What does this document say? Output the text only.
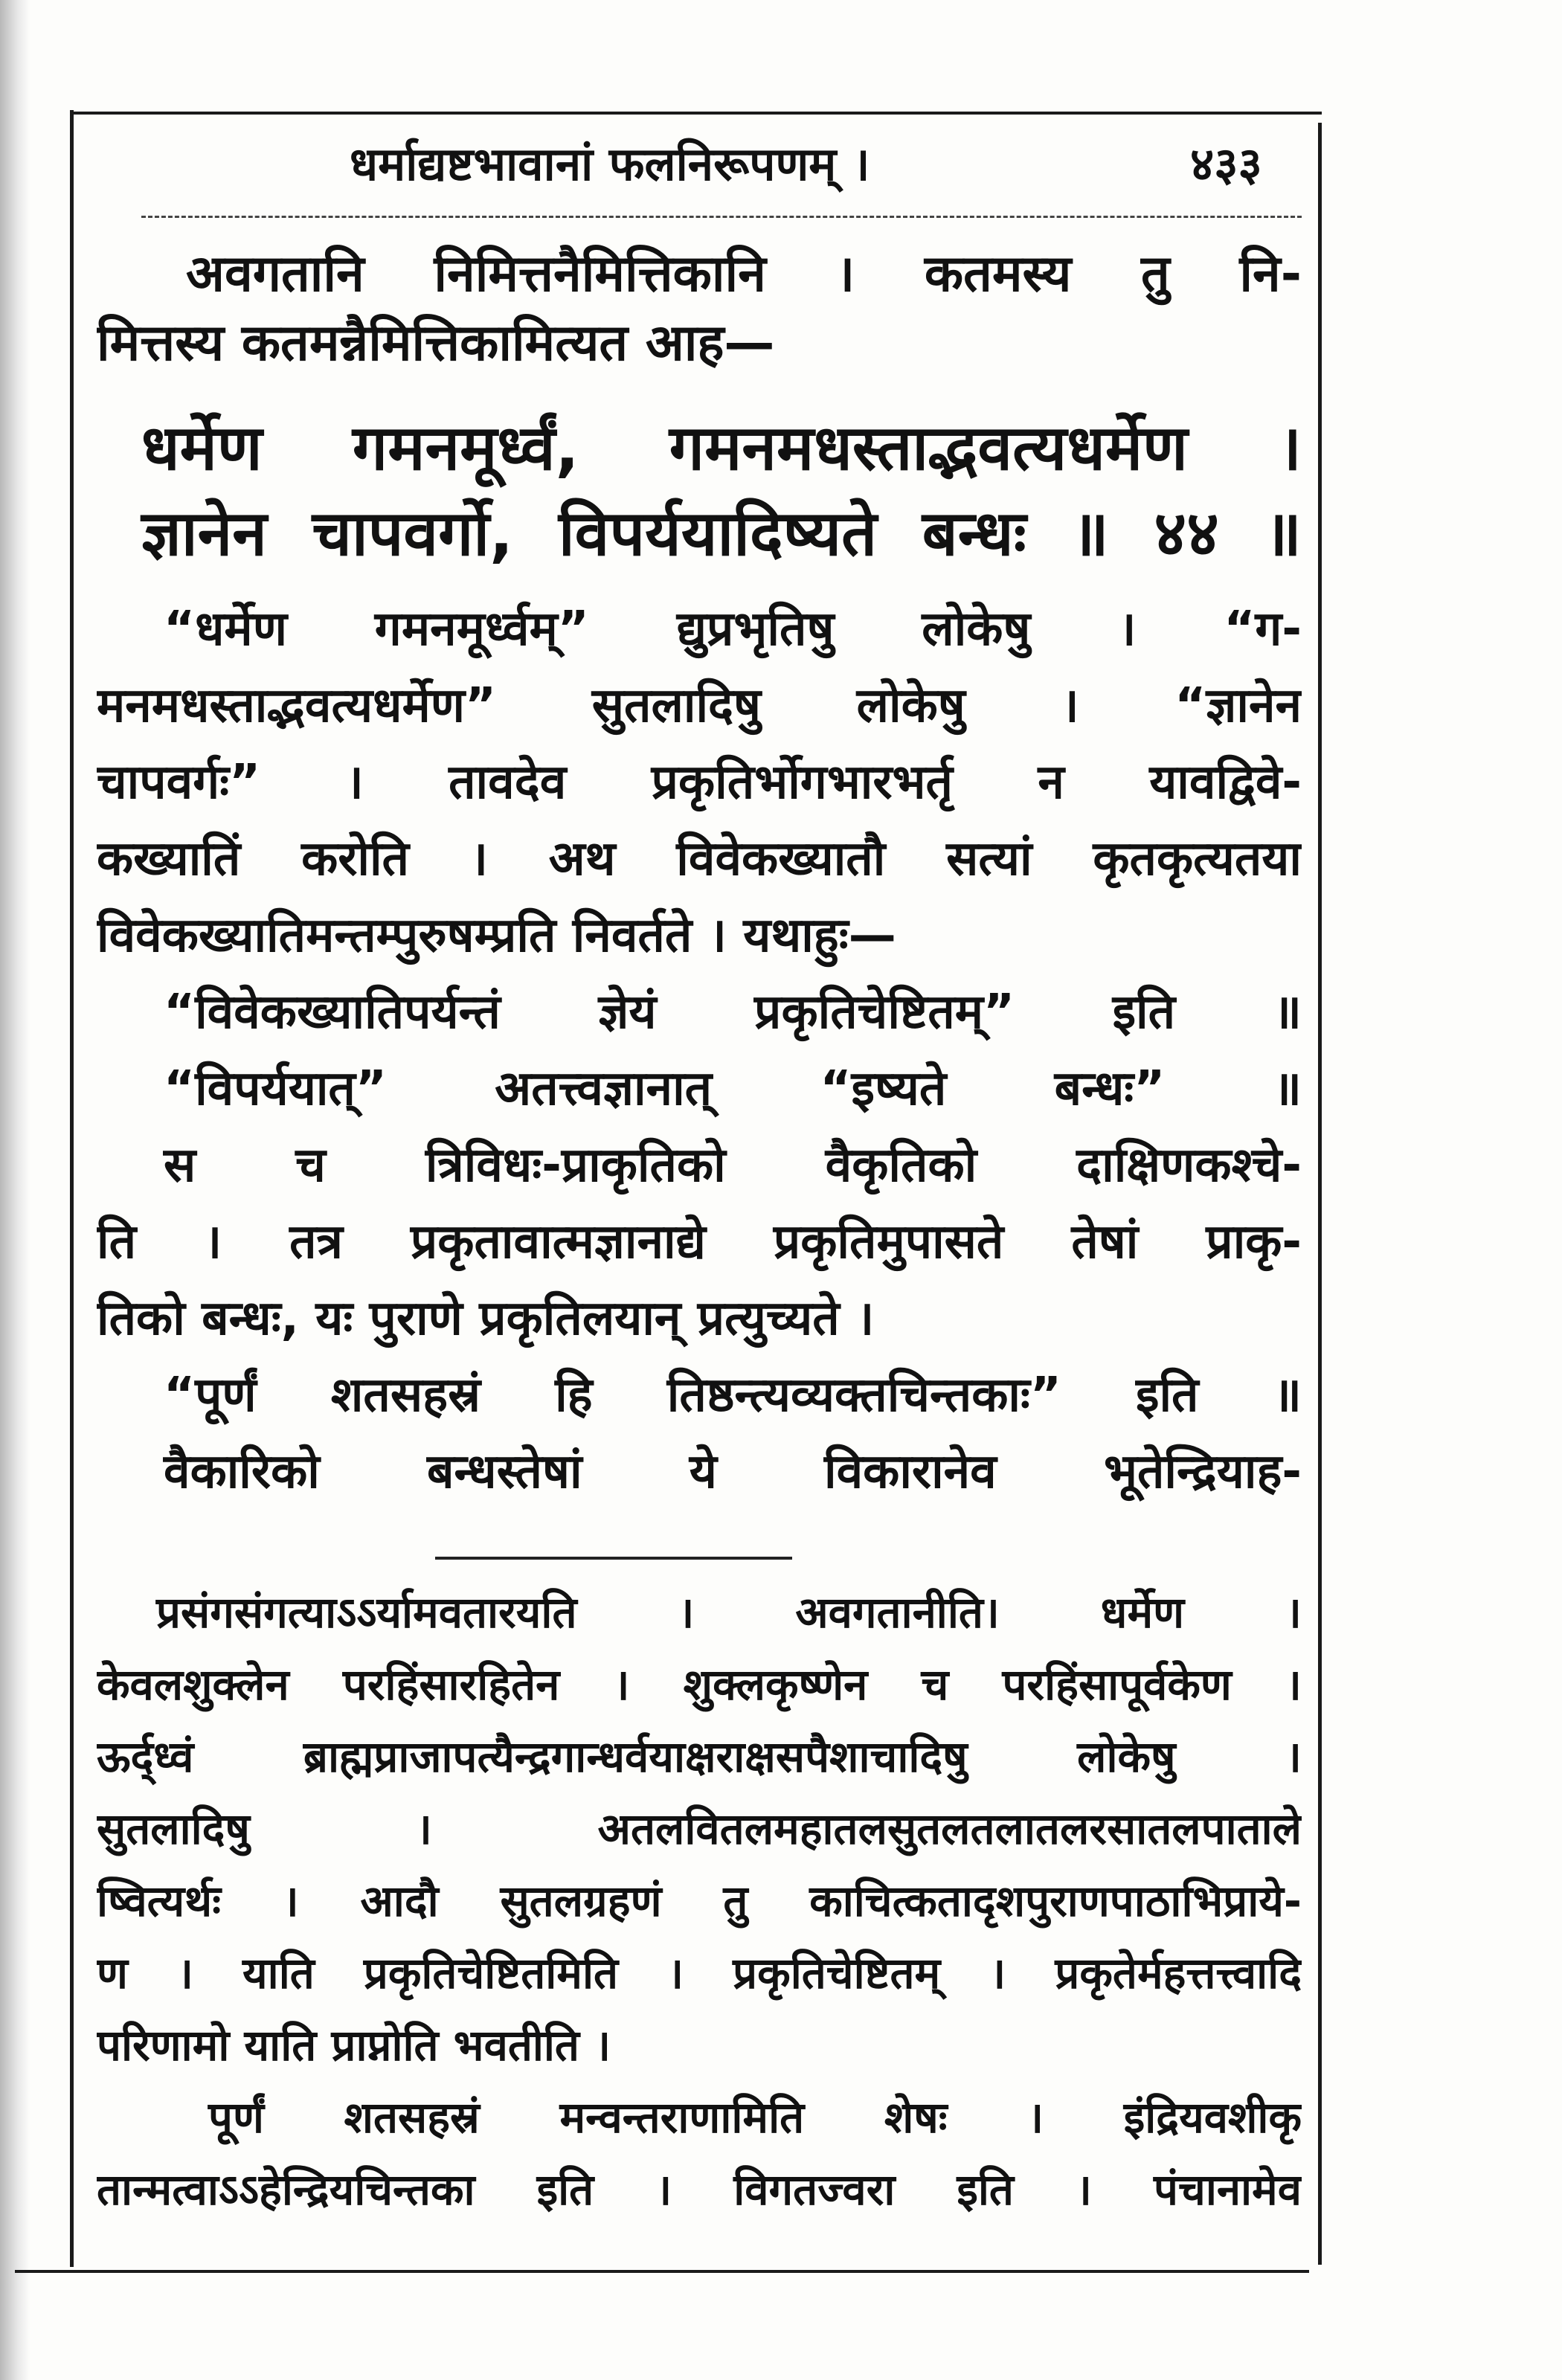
धर्माद्यष्टभावानां फलनिरूपणम् ।	४३३
अवगतानि निमित्तनैमित्तिकानि । कतमस्य तु नि-
मित्तस्य कतमन्नैमित्तिकामित्यत आह—
धर्मेण गमनमूर्ध्वं, गमनमधस्ताद्भवत्यधर्मेण ।
ज्ञानेन चापवर्गो, विपर्ययादिष्यते बन्धः ॥ ४४ ॥
“धर्मेण गमनमूर्ध्वम्” द्युप्रभृतिषु लोकेषु । “ग-
मनमधस्ताद्भवत्यधर्मेण” सुतलादिषु लोकेषु । “ज्ञानेन
चापवर्गः” । तावदेव प्रकृतिर्भोगभारभर्तृ न यावद्विवे-
कख्यातिं करोति । अथ विवेकख्यातौ सत्यां कृतकृत्यतया
विवेकख्यातिमन्तम्पुरुषम्प्रति निवर्तते । यथाहुः—
“विवेकख्यातिपर्यन्तं ज्ञेयं प्रकृतिचेष्टितम्” इति ॥
“विपर्ययात्” अतत्त्वज्ञानात् “इष्यते बन्धः” ॥
स च त्रिविधः-प्राकृतिको वैकृतिको दाक्षिणकश्चे-
ति । तत्र प्रकृतावात्मज्ञानाद्ये प्रकृतिमुपासते तेषां प्राकृ-
तिको बन्धः, यः पुराणे प्रकृतिलयान् प्रत्युच्यते ।
“पूर्णं शतसहस्रं हि तिष्ठन्त्यव्यक्तचिन्तकाः” इति ॥
वैकारिको बन्धस्तेषां ये विकारानेव भूतेन्द्रियाह-
प्रसंगसंगत्याऽऽर्यामवतारयति । अवगतानीति। धर्मेण ।
केवलशुक्लेन परहिंसारहितेन । शुक्लकृष्णेन च परहिंसापूर्वकेण ।
ऊर्द्ध्वं ब्राह्मप्राजापत्यैन्द्रगान्धर्वयाक्षराक्षसपैशाचादिषु लोकेषु ।
सुतलादिषु । अतलवितलमहातलसुतलतलातलरसातलपाताले
ष्वित्यर्थः । आदौ सुतलग्रहणं तु काचित्कतादृशपुराणपाठाभिप्राये-
ण । याति प्रकृतिचेष्टितमिति । प्रकृतिचेष्टितम् । प्रकृतेर्महत्तत्त्वादि
परिणामो याति प्राप्नोति भवतीति ।
पूर्णं शतसहस्रं मन्वन्तराणामिति शेषः । इंद्रियवशीकृ
तान्मत्वाऽऽहेन्द्रियचिन्तका इति । विगतज्वरा इति । पंचानामेव
